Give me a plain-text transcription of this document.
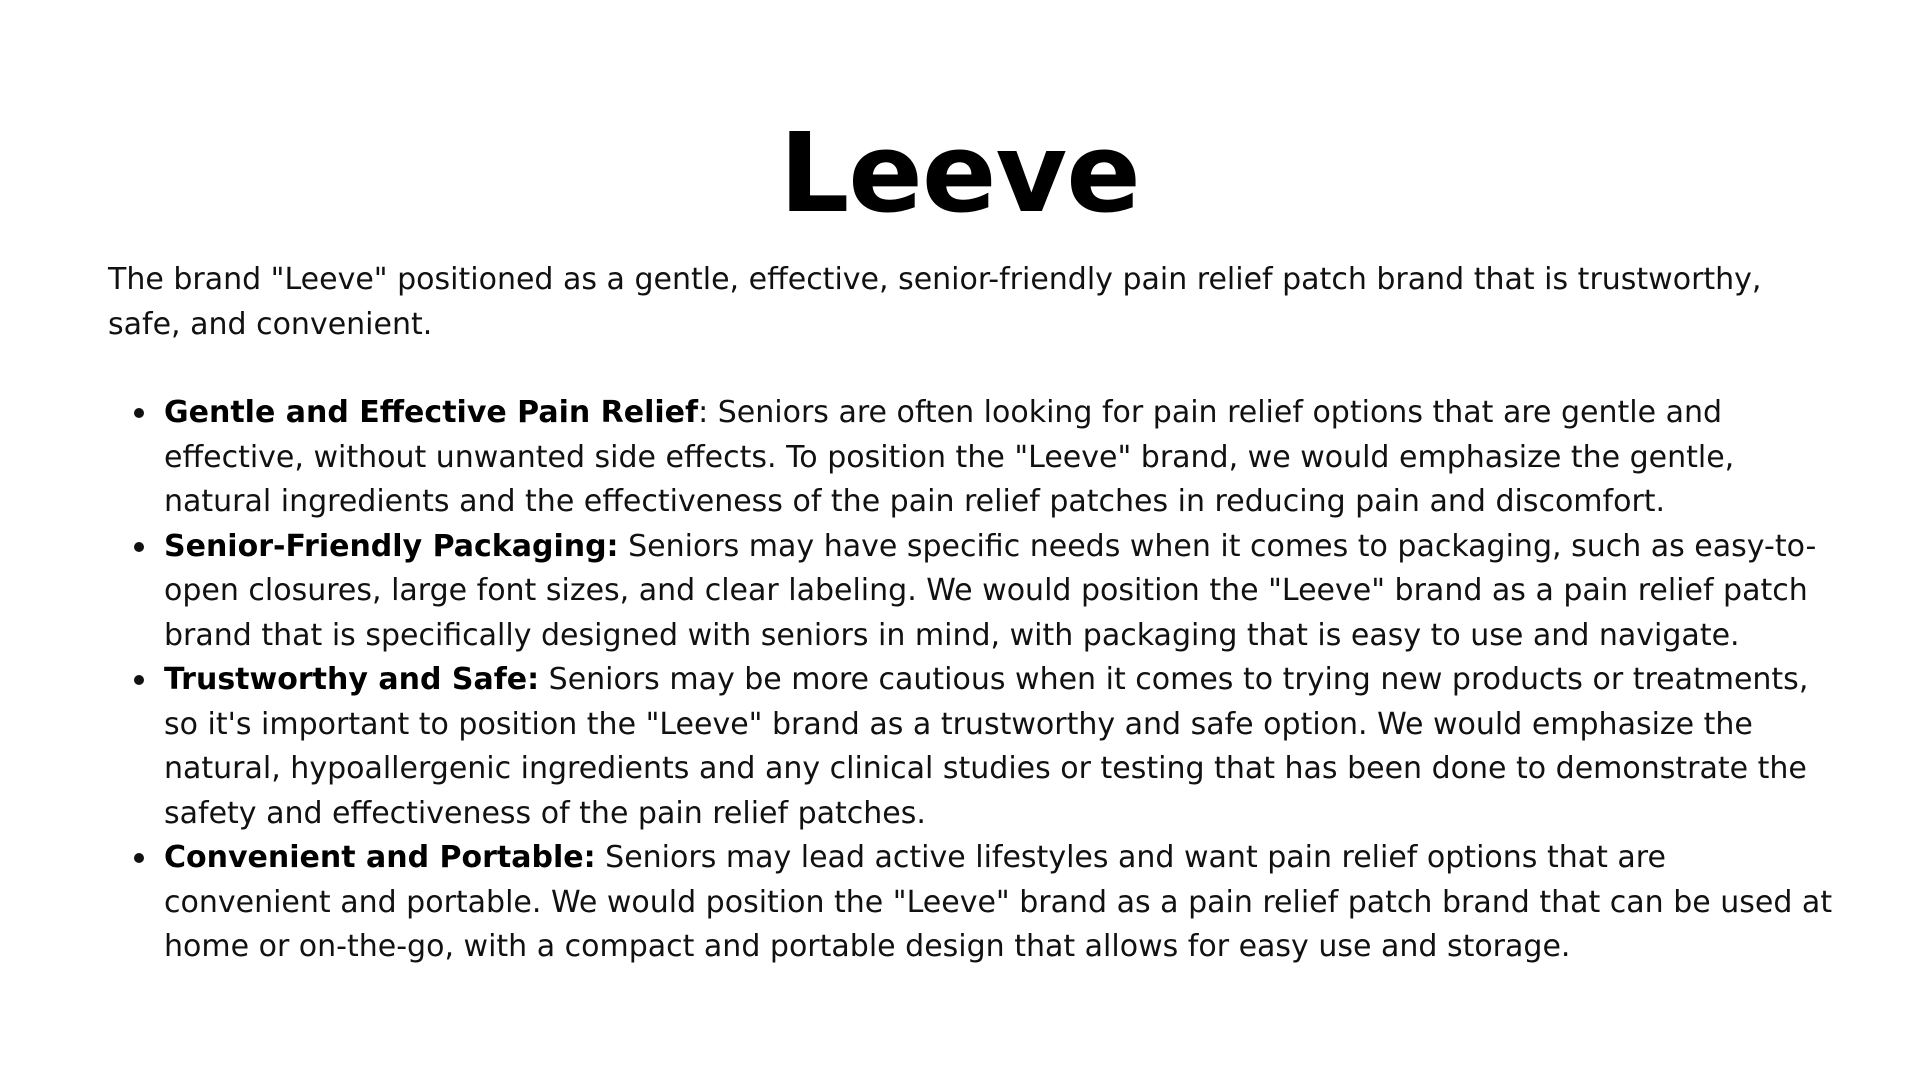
Leeve

The brand "Leeve" positioned as a gentle, effective, senior-friendly pain relief patch brand that is trustworthy, safe, and convenient.

Gentle and Effective Pain Relief: Seniors are often looking for pain relief options that are gentle and effective, without unwanted side effects. To position the "Leeve" brand, we would emphasize the gentle, natural ingredients and the effectiveness of the pain relief patches in reducing pain and discomfort.
Senior-Friendly Packaging: Seniors may have specific needs when it comes to packaging, such as easy-to-open closures, large font sizes, and clear labeling. We would position the "Leeve" brand as a pain relief patch brand that is specifically designed with seniors in mind, with packaging that is easy to use and navigate.
Trustworthy and Safe: Seniors may be more cautious when it comes to trying new products or treatments, so it's important to position the "Leeve" brand as a trustworthy and safe option. We would emphasize the natural, hypoallergenic ingredients and any clinical studies or testing that has been done to demonstrate the safety and effectiveness of the pain relief patches.
Convenient and Portable: Seniors may lead active lifestyles and want pain relief options that are convenient and portable. We would position the "Leeve" brand as a pain relief patch brand that can be used at home or on-the-go, with a compact and portable design that allows for easy use and storage.
